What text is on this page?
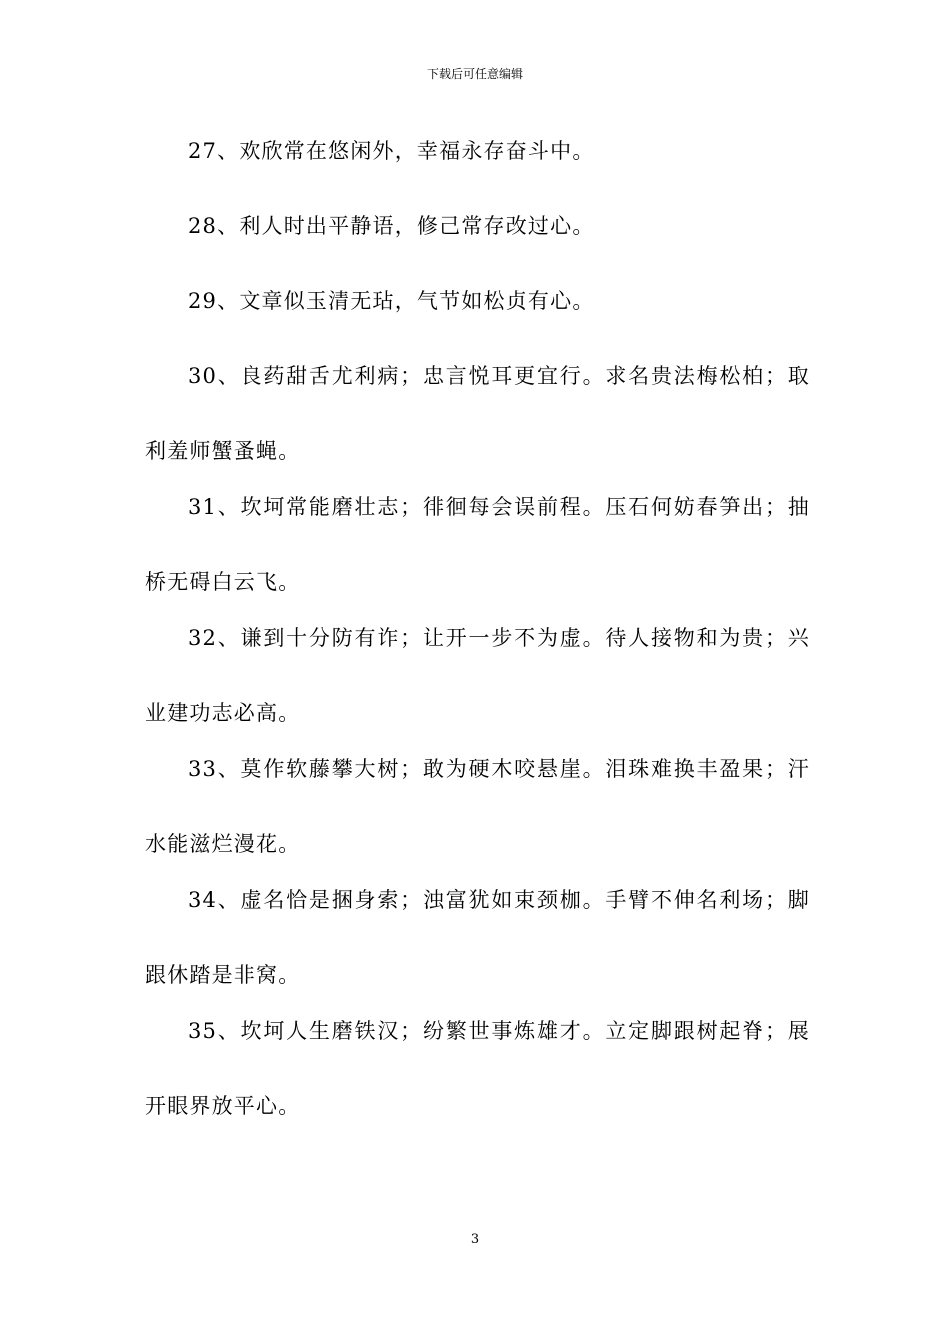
下载后可任意编辑

27、欢欣常在悠闲外，幸福永存奋斗中。

28、利人时出平静语，修己常存改过心。

29、文章似玉清无玷，气节如松贞有心。

30、良药甜舌尤利病；忠言悦耳更宜行。求名贵法梅松柏；取利羞师蟹蚤蝇。

31、坎坷常能磨壮志；徘徊每会误前程。压石何妨春笋出；抽桥无碍白云飞。

32、谦到十分防有诈；让开一步不为虚。待人接物和为贵；兴业建功志必高。

33、莫作软藤攀大树；敢为硬木咬悬崖。泪珠难换丰盈果；汗水能滋烂漫花。

34、虚名恰是捆身索；浊富犹如束颈枷。手臂不伸名利场；脚跟休踏是非窝。

35、坎坷人生磨铁汉；纷繁世事炼雄才。立定脚跟树起脊；展开眼界放平心。

3
